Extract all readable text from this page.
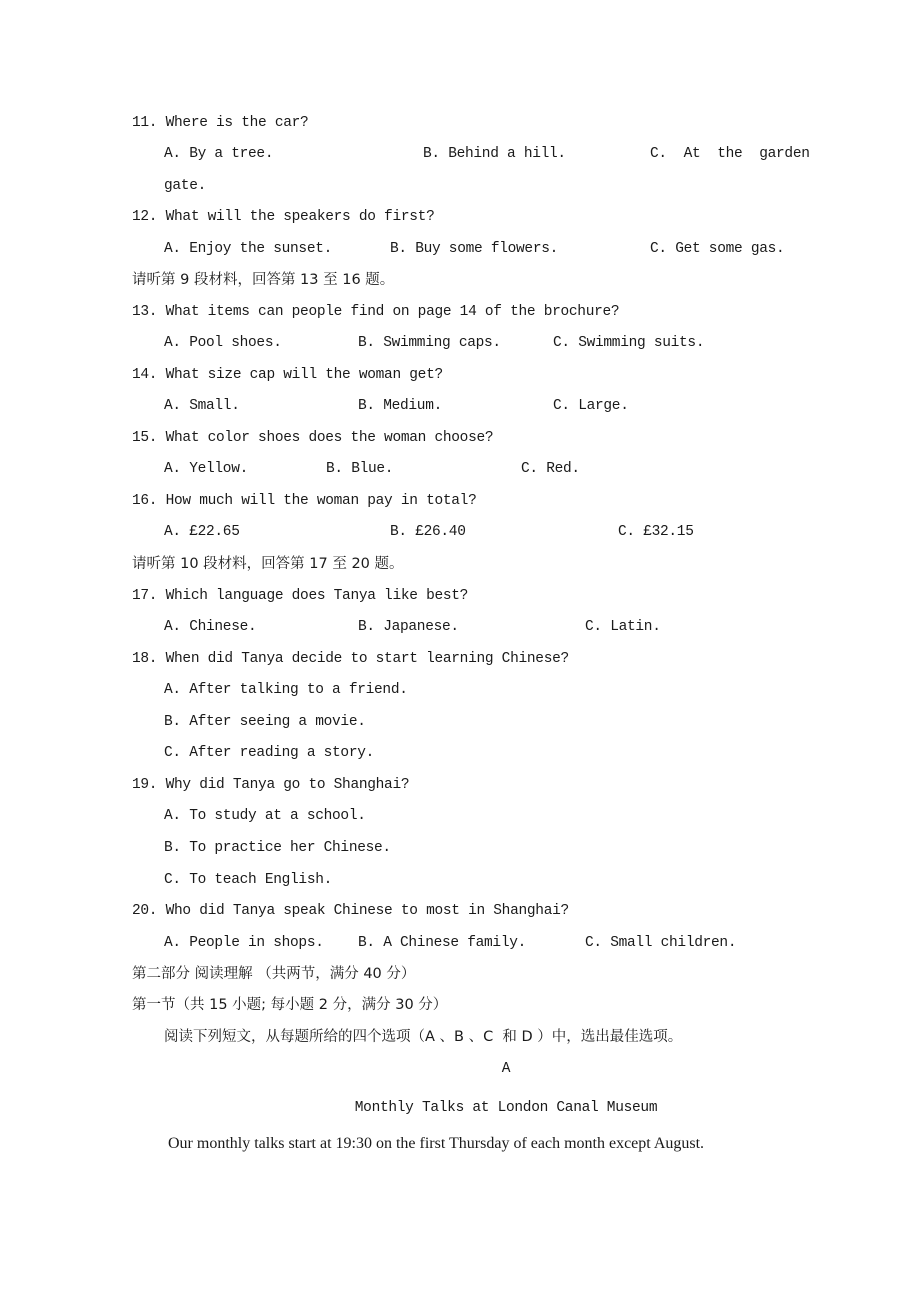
11. Where is the car?
A. By a tree.	B. Behind a hill.	C.  At  the  garden
gate.
12. What will the speakers do first?
A. Enjoy the sunset.	B. Buy some flowers.	C. Get some gas.
请听第 9 段材料，回答第 13 至 16 题。
13. What items can people find on page 14 of the brochure?
A. Pool shoes.	B. Swimming caps.	C. Swimming suits.
14. What size cap will the woman get?
A. Small.	B. Medium.	C. Large.
15. What color shoes does the woman choose?
A. Yellow.	B. Blue.	C. Red.
16. How much will the woman pay in total?
A. £22.65	B. £26.40	C. £32.15
请听第 10 段材料，回答第 17 至 20 题。
17. Which language does Tanya like best?
A. Chinese.	B. Japanese.	C. Latin.
18. When did Tanya decide to start learning Chinese?
A. After talking to a friend.
B. After seeing a movie.
C. After reading a story.
19. Why did Tanya go to Shanghai?
A. To study at a school.
B. To practice her Chinese.
C. To teach English.
20. Who did Tanya speak Chinese to most in Shanghai?
A. People in shops. B. A Chinese family.	C. Small children.
第二部分 阅读理解 （共两节，满分 40 分）
第一节（共 15 小题; 每小题 2 分，满分 30 分）
阅读下列短文，从每题所给的四个选项（A 、B 、C  和 D ）中，选出最佳选项。
A
Monthly Talks at London Canal Museum
Our monthly talks start at 19:30 on the first Thursday of each month except August.
